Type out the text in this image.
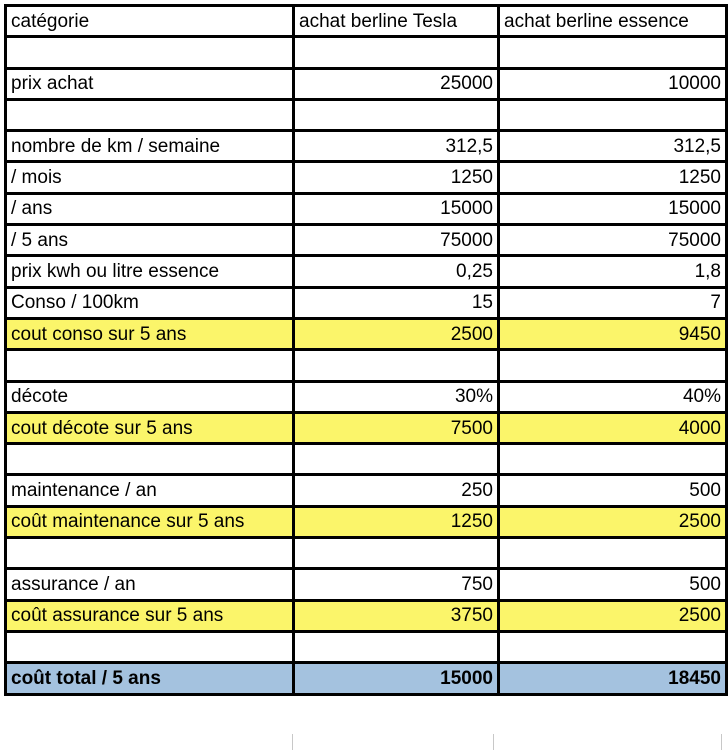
catégorie	achat berline Tesla	achat berline essence

prix achat	25000	10000

nombre de km / semaine	312,5	312,5
/ mois	1250	1250
/ ans	15000	15000
/ 5 ans	75000	75000
prix kwh ou litre essence	0,25	1,8
Conso / 100km	15	7
cout conso sur 5 ans	2500	9450

décote	30%	40%
cout décote sur 5 ans	7500	4000

maintenance / an	250	500
coût maintenance sur 5 ans	1250	2500

assurance / an	750	500
coût assurance sur 5 ans	3750	2500

coût total / 5 ans	15000	18450
